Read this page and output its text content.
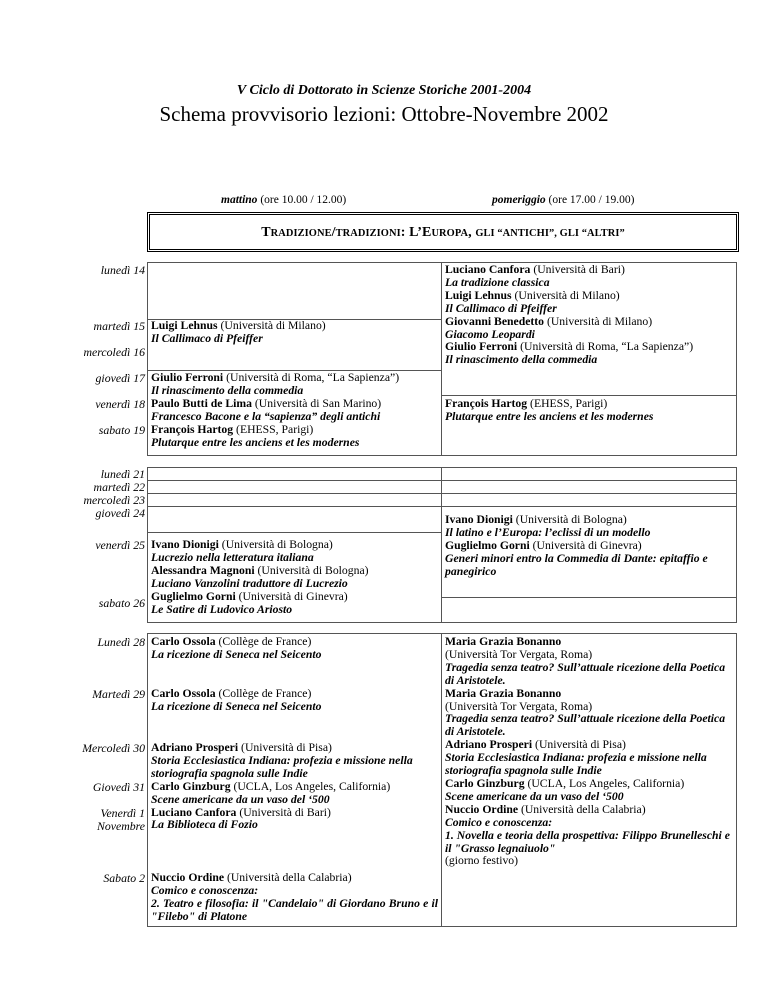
V Ciclo di Dottorato in Scienze Storiche 2001-2004
Schema provvisorio lezioni: Ottobre-Novembre 2002
mattino (ore 10.00 / 12.00)	pomeriggio (ore 17.00 / 19.00)
TRADIZIONE/TRADIZIONI: L’EUROPA, GLI “ANTICHI”, GLI “ALTRI”
lunedì 14
martedì 15
mercoledì 16
giovedì 17
venerdì 18
sabato 19
Luciano Canfora (Università di Bari)
La tradizione classica
Luigi Lehnus (Università di Milano)
Il Callimaco di Pfeiffer
Giovanni Benedetto (Università di Milano)
Giacomo Leopardi
Giulio Ferroni (Università di Roma, “La Sapienza”)
Il rinascimento della commedia
François Hartog (EHESS, Parigi)
Plutarque entre les anciens et les modernes
Luigi Lehnus (Università di Milano)
Il Callimaco di Pfeiffer
Giulio Ferroni (Università di Roma, “La Sapienza”)
Il rinascimento della commedia
Paulo Butti de Lima (Università di San Marino)
Francesco Bacone e la “sapienza” degli antichi
François Hartog (EHESS, Parigi)
Plutarque entre les anciens et les modernes
lunedì 21
martedì 22
mercoledì 23
giovedì 24
venerdì 25
sabato 26
Ivano Dionigi (Università di Bologna)
Il latino e l’Europa: l’eclissi di un modello
Guglielmo Gorni (Università di Ginevra)
Generi minori entro la Commedia di Dante: epitaffio e panegirico
Ivano Dionigi (Università di Bologna)
Lucrezio nella letteratura italiana
Alessandra Magnoni (Università di Bologna)
Luciano Vanzolini traduttore di Lucrezio
Guglielmo Gorni (Università di Ginevra)
Le Satire di Ludovico Ariosto
Lunedì 28
Martedì 29
Mercoledì 30
Giovedì 31
Venerdì 1
Novembre
Sabato 2
Carlo Ossola (Collège de France)
La ricezione di Seneca nel Seicento
Carlo Ossola (Collège de France)
La ricezione di Seneca nel Seicento
Adriano Prosperi (Università di Pisa)
Storia Ecclesiastica Indiana: profezia e missione nella storiografia spagnola sulle Indie
Carlo Ginzburg (UCLA, Los Angeles, California)
Scene americane da un vaso del ‘500
Luciano Canfora (Università di Bari)
La Biblioteca di Fozio
Nuccio Ordine (Università della Calabria)
Comico e conoscenza:

2. Teatro e filosofia: il "Candelaio" di Giordano Bruno e il "Filebo" di Platone
Maria Grazia Bonanno
(Università Tor Vergata, Roma)
Tragedia senza teatro? Sull’attuale ricezione della Poetica di Aristotele.
Maria Grazia Bonanno
(Università Tor Vergata, Roma)
Tragedia senza teatro? Sull’attuale ricezione della Poetica di Aristotele.
Adriano Prosperi (Università di Pisa)
Storia Ecclesiastica Indiana: profezia e missione nella storiografia spagnola sulle Indie
Carlo Ginzburg (UCLA, Los Angeles, California)
Scene americane da un vaso del ‘500
Nuccio Ordine (Università della Calabria)
Comico e conoscenza:

1. Novella e teoria della prospettiva: Filippo Brunelleschi e il "Grasso legnaiuolo"
(giorno festivo)
